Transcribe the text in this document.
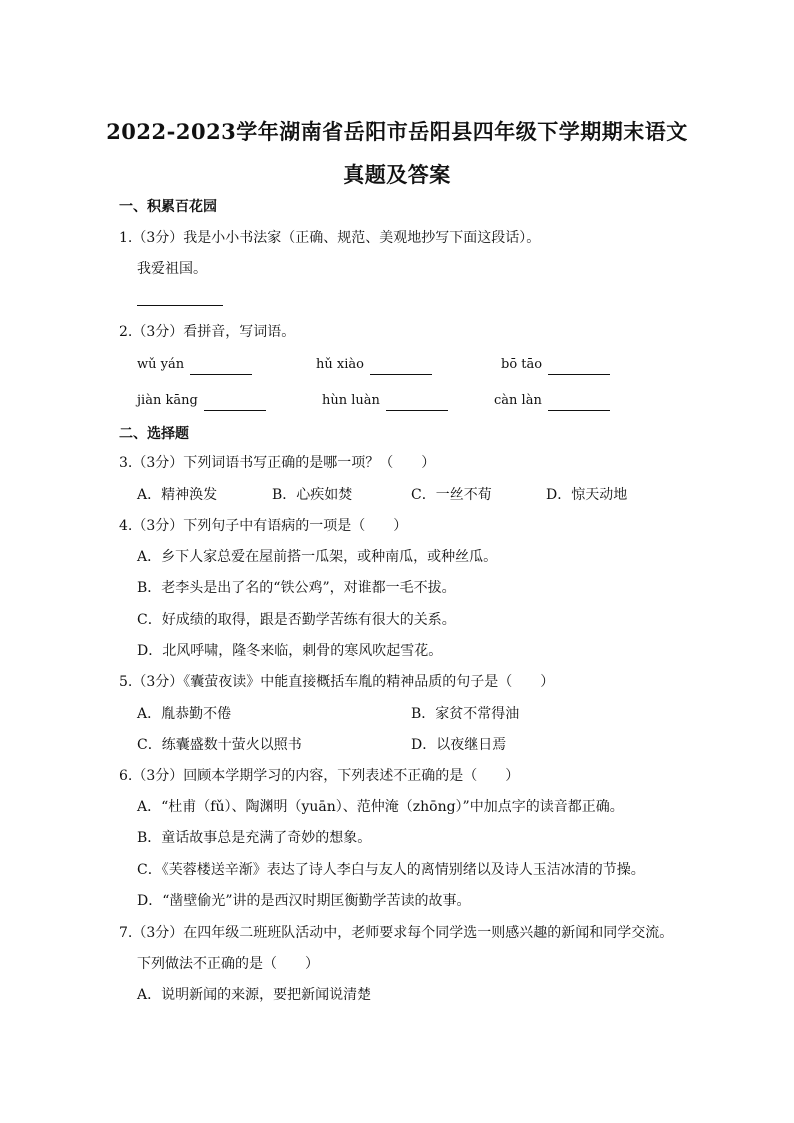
2022-2023学年湖南省岳阳市岳阳县四年级下学期期末语文
真题及答案
一、积累百花园
1.（3分）我是小小书法家（正确、规范、美观地抄写下面这段话）。
我爱祖国。
2.（3分）看拼音，写词语。
wǔ yán	hǔ xiào	bō tāo
jiàn kāng	hùn luàn	càn làn
二、选择题
3.（3分）下列词语书写正确的是哪一项？（　　）
A．精神涣发	B．心疾如焚	C．一丝不荀	D．惊天动地
4.（3分）下列句子中有语病的一项是（　　）
A．乡下人家总爱在屋前搭一瓜架，或种南瓜，或种丝瓜。
B．老李头是出了名的“铁公鸡”，对谁都一毛不拔。
C．好成绩的取得，跟是否勤学苦练有很大的关系。
D．北风呼啸，隆冬来临，刺骨的寒风吹起雪花。
5.（3分）《囊萤夜读》中能直接概括车胤的精神品质的句子是（　　）
A．胤恭勤不倦	B．家贫不常得油
C．练囊盛数十萤火以照书	D．以夜继日焉
6.（3分）回顾本学期学习的内容，下列表述不正确的是（　　）
A．“杜甫（fǔ）、陶渊明（yuān）、范仲淹（zhōng）”中加点字的读音都正确。
B．童话故事总是充满了奇妙的想象。
C．《芙蓉楼送辛渐》表达了诗人李白与友人的离情别绪以及诗人玉洁冰清的节操。
D．“凿壁偷光”讲的是西汉时期匡衡勤学苦读的故事。
7.（3分）在四年级二班班队活动中，老师要求每个同学选一则感兴趣的新闻和同学交流。
下列做法不正确的是（　　）
A．说明新闻的来源，要把新闻说清楚
